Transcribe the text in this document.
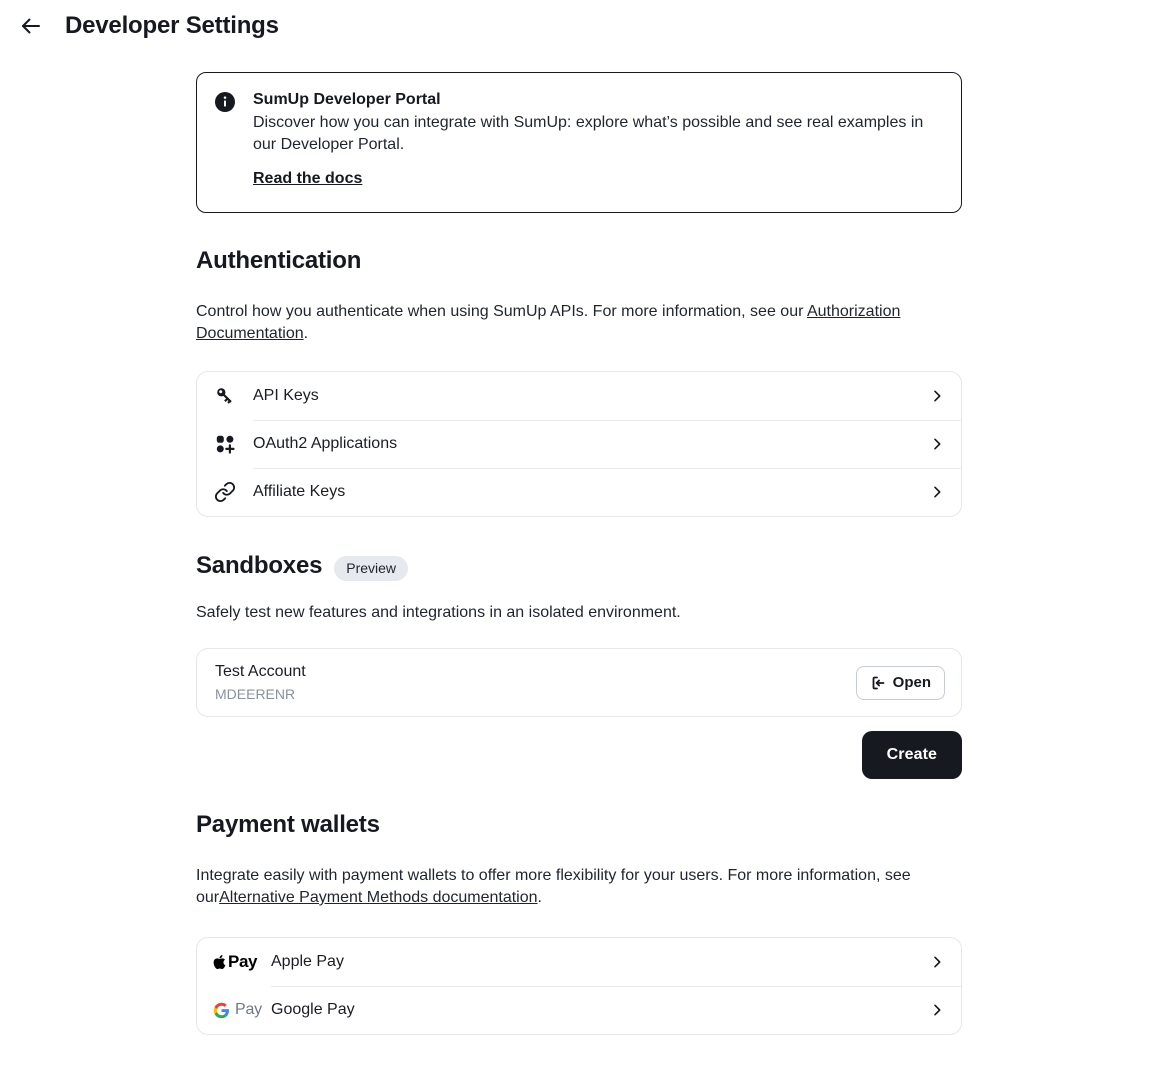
Developer Settings

SumUp Developer Portal

Discover how you can integrate with SumUp: explore what’s possible and see real examples in our Developer Portal.

Read the docs
Authentication

Control how you authenticate when using SumUp APIs. For more information, see our Authorization Documentation.

API Keys
OAuth2 Applications
Affiliate Keys
Sandboxes	Preview

Safely test new features and integrations in an isolated environment.

Test Account

MDEERENR

Open
Create
Payment wallets

Integrate easily with payment wallets to offer more flexibility for your users. For more information, see ourAlternative Payment Methods documentation.

Pay Apple Pay
Pay Google Pay
